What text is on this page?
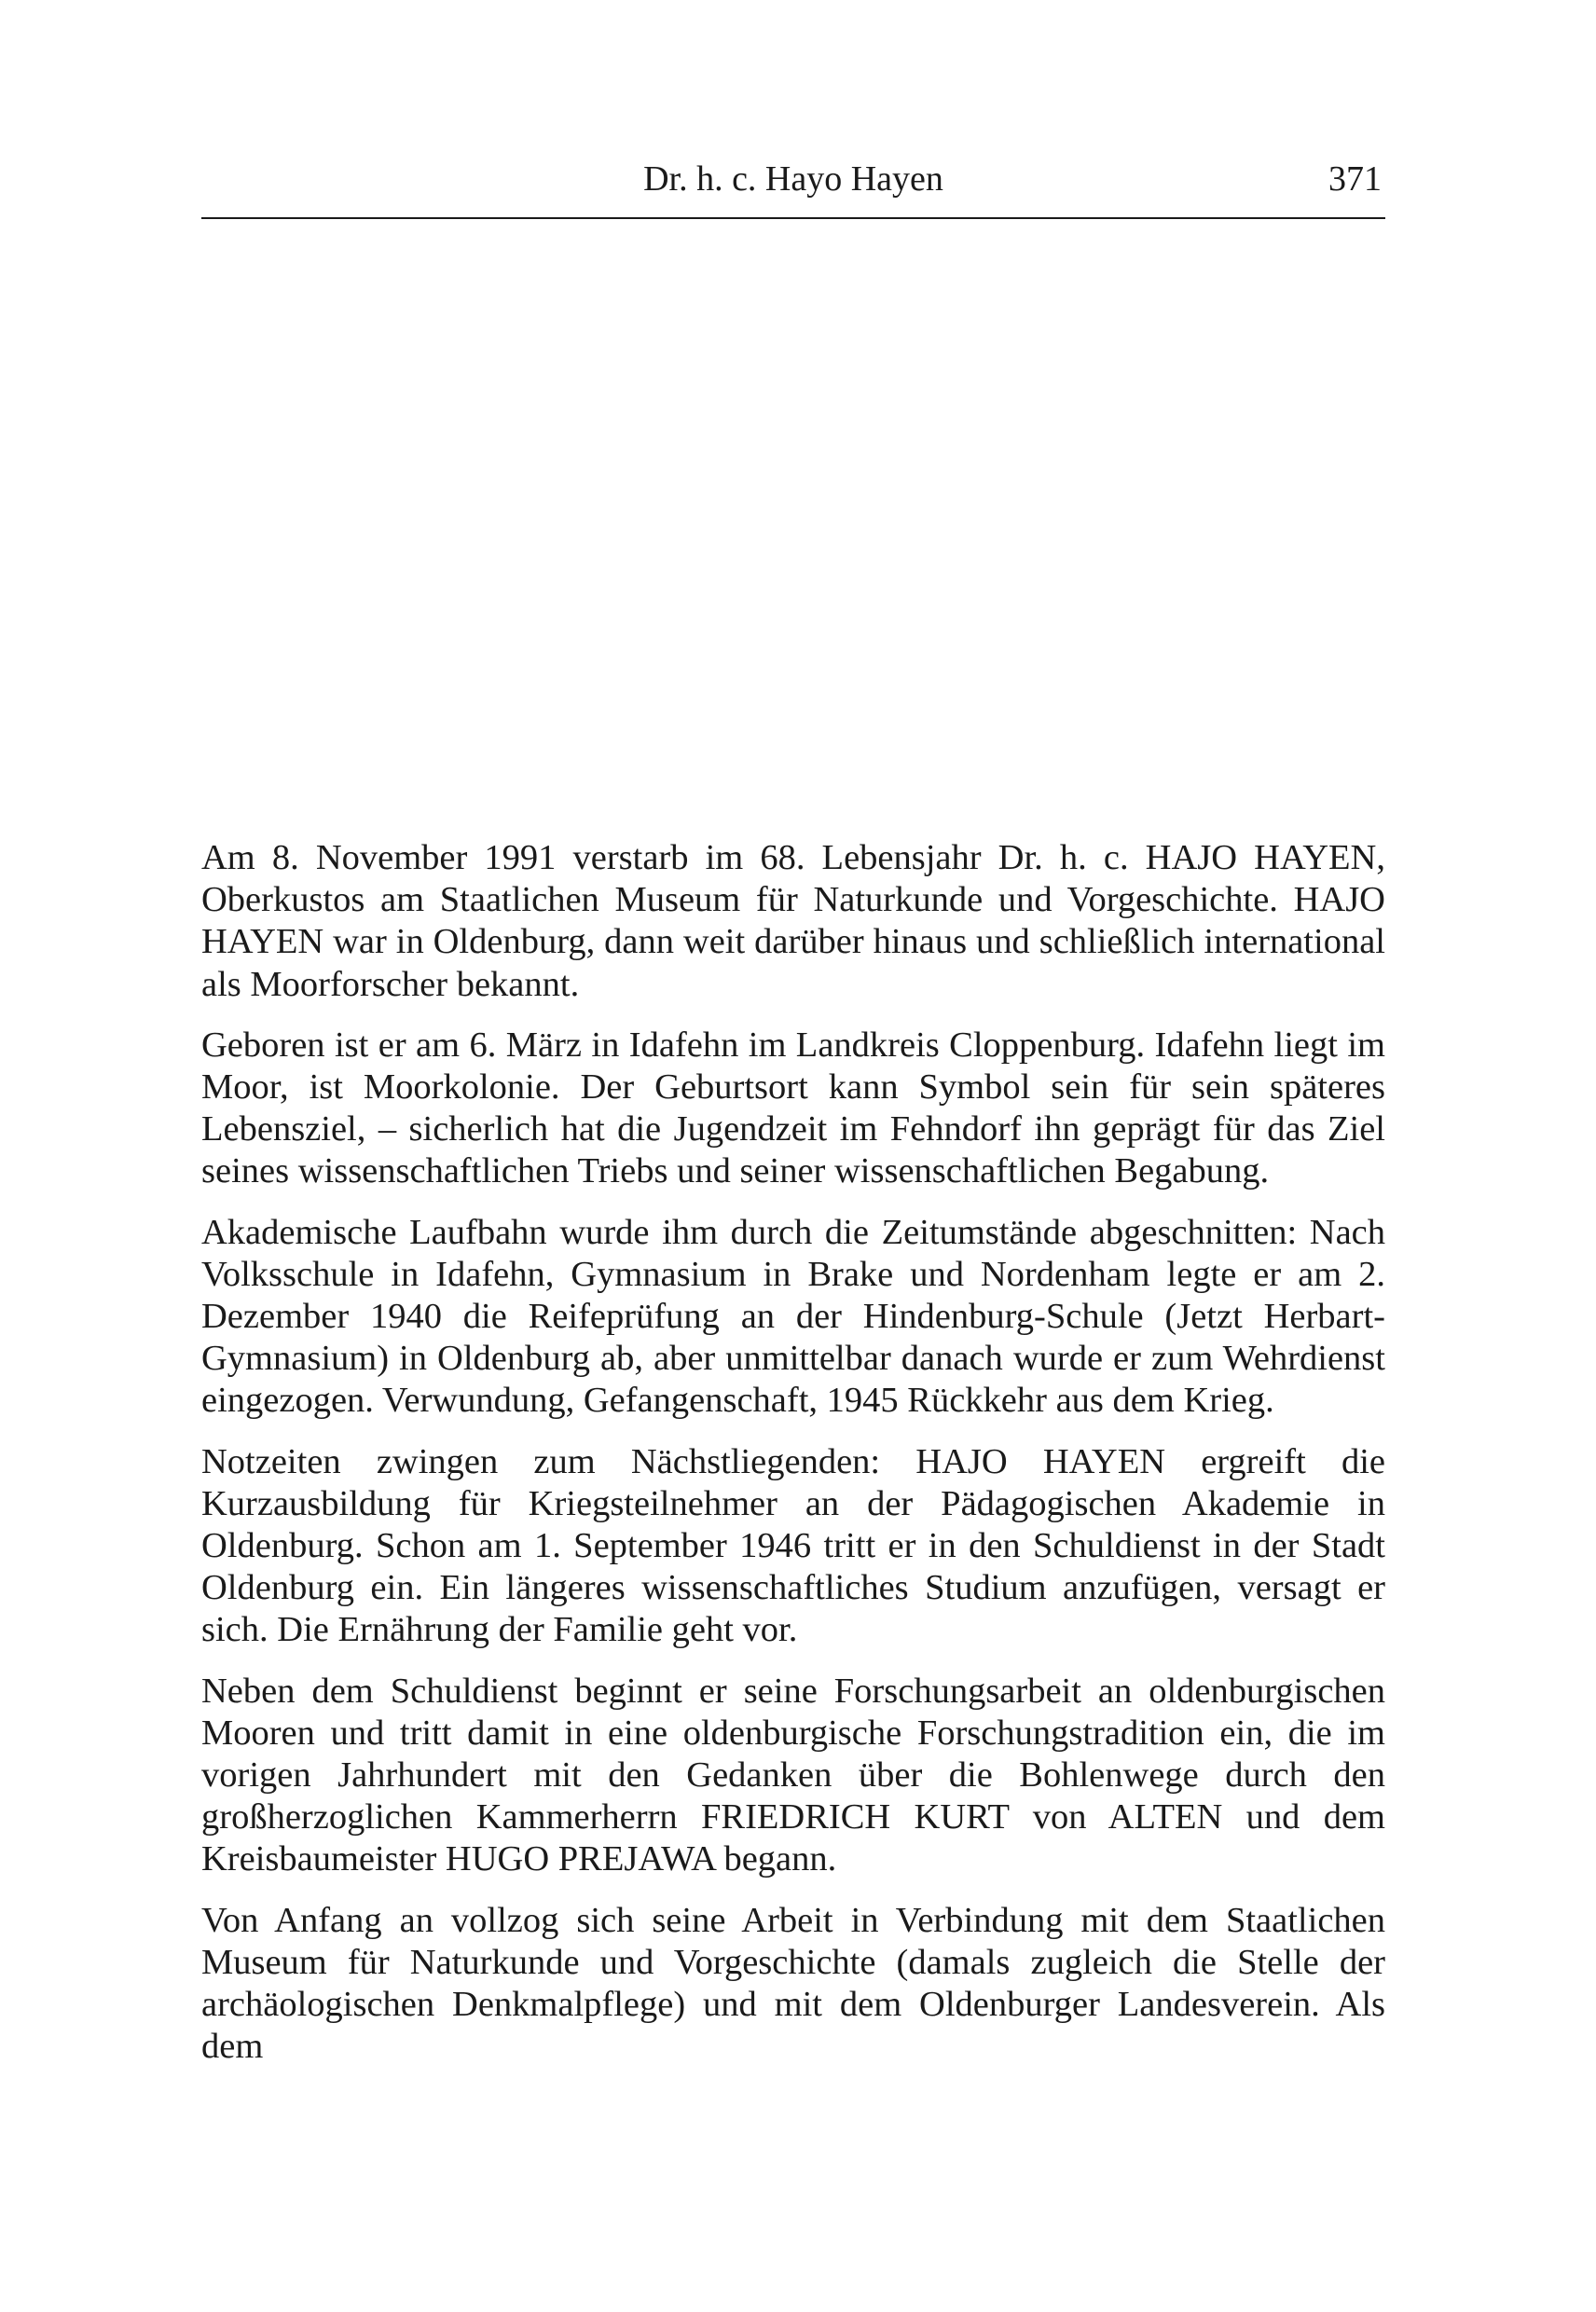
Dr. h. c. Hayo Hayen	371

Am 8. November 1991 verstarb im 68. Lebensjahr Dr. h. c. HAJO HAYEN, Oberkustos am Staatlichen Museum für Naturkunde und Vorgeschichte. HAJO HAYEN war in Oldenburg, dann weit darüber hinaus und schließlich international als Moorforscher bekannt.

Geboren ist er am 6. März in Idafehn im Landkreis Cloppenburg. Idafehn liegt im Moor, ist Moorkolonie. Der Geburtsort kann Symbol sein für sein späteres Lebensziel, – sicherlich hat die Jugendzeit im Fehndorf ihn geprägt für das Ziel seines wissenschaftlichen Triebs und seiner wissenschaftlichen Begabung.

Akademische Laufbahn wurde ihm durch die Zeitumstände abgeschnitten: Nach Volksschule in Idafehn, Gymnasium in Brake und Nordenham legte er am 2. Dezember 1940 die Reifeprüfung an der Hindenburg-Schule (Jetzt Herbart-Gymnasium) in Oldenburg ab, aber unmittelbar danach wurde er zum Wehrdienst eingezogen. Verwundung, Gefangenschaft, 1945 Rückkehr aus dem Krieg.

Notzeiten zwingen zum Nächstliegenden: HAJO HAYEN ergreift die Kurzausbildung für Kriegsteilnehmer an der Pädagogischen Akademie in Oldenburg. Schon am 1. September 1946 tritt er in den Schuldienst in der Stadt Oldenburg ein. Ein längeres wissenschaftliches Studium anzufügen, versagt er sich. Die Ernährung der Familie geht vor.

Neben dem Schuldienst beginnt er seine Forschungsarbeit an oldenburgischen Mooren und tritt damit in eine oldenburgische Forschungstradition ein, die im vorigen Jahrhundert mit den Gedanken über die Bohlenwege durch den großherzoglichen Kammerherrn FRIEDRICH KURT von ALTEN und dem Kreisbaumeister HUGO PREJAWA begann.

Von Anfang an vollzog sich seine Arbeit in Verbindung mit dem Staatlichen Museum für Naturkunde und Vorgeschichte (damals zugleich die Stelle der archäologischen Denkmalpflege) und mit dem Oldenburger Landesverein. Als dem
